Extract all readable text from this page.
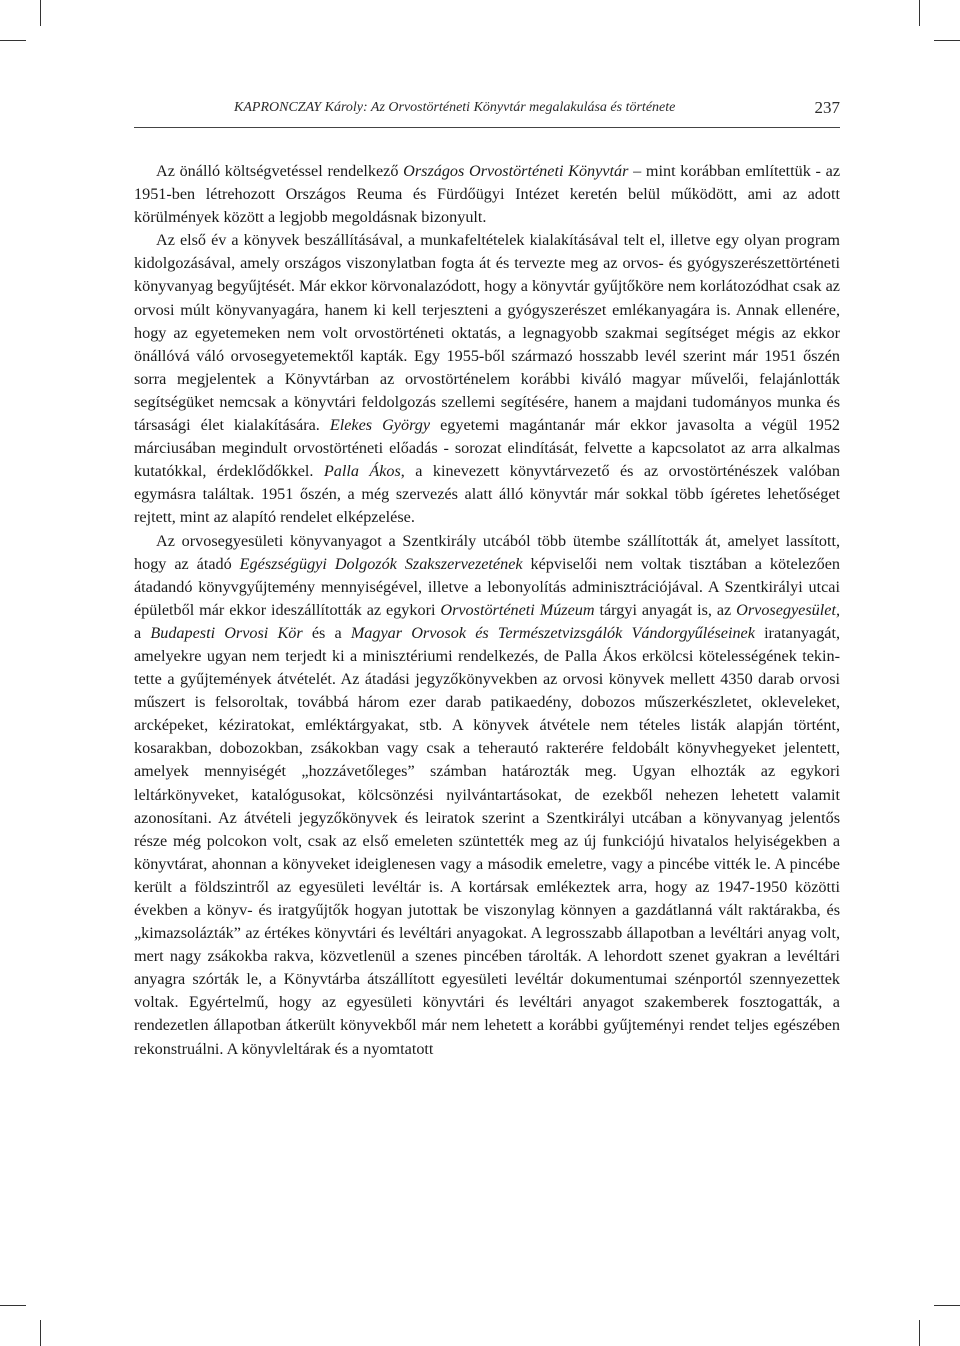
KAPRONCZAY Károly: Az Orvostörténeti Könyvtár megalakulása és története	237

Az önálló költségvetéssel rendelkező Országos Orvostörténeti Könyvtár – mint korábban említettük - az 1951-ben létrehozott Országos Reuma és Fürdőügyi Intézet keretén belül működött, ami az adott körülmények között a legjobb megoldásnak bizonyult.

Az első év a könyvek beszállításával, a munkafeltételek kialakításával telt el, illetve egy olyan program kidolgozásával, amely országos viszonylatban fogta át és tervezte meg az orvos- és gyógyszerészettörténeti könyvanyag begyűjtését. Már ekkor körvonalazódott, hogy a könyvtár gyűjtőköre nem korlátozódhat csak az orvosi múlt könyvanyagára, hanem ki kell terjeszteni a gyógyszerészet emlékanyagára is. Annak ellenére, hogy az egyetemeken nem volt orvostörténeti oktatás, a legnagyobb szakmai segítséget mégis az ekkor önállóvá váló orvosegyetemektől kapták. Egy 1955-ből származó hosszabb levél szerint már 1951 őszén sorra megjelentek a Könyvtárban az orvostörténelem korábbi kiváló magyar művelői, felajánlották segítségüket nemcsak a könyvtári feldolgozás szellemi segítésére, hanem a majdani tudományos munka és társasági élet kialakítására. Elekes György egyetemi magántanár már ekkor javasolta a végül 1952 márciusában megindult orvostörténeti előadás - sorozat elindítását, felvette a kapcsolatot az arra alkalmas kutatókkal, érdeklődőkkel. Palla Ákos, a kinevezett könyvtárvezető és az orvostörténészek valóban egymásra találtak. 1951 őszén, a még szervezés alatt álló könyvtár már sokkal több ígéretes lehetőséget rejtett, mint az alapító rendelet elképzelése.

Az orvosegyesületi könyvanyagot a Szentkirály utcából több ütembe szállították át, amelyet lassított, hogy az átadó Egészségügyi Dolgozók Szakszervezetének képviselői nem voltak tisztában a kötelezően átadandó könyvgyűjtemény mennyiségével, illetve a lebonyolítás adminisztrációjával. A Szentkirályi utcai épületből már ekkor ideszállították az egykori Orvostörténeti Múzeum tárgyi anyagát is, az Orvosegyesület, a Budapesti Orvosi Kör és a Magyar Orvosok és Természetvizsgálók Vándorgyűléseinek iratanyagát, amelyekre ugyan nem terjedt ki a minisztériumi rendelkezés, de Palla Ákos erkölcsi kötelességének tekintette a gyűjtemények átvételét. Az átadási jegyzőkönyvekben az orvosi könyvek mellett 4350 darab orvosi műszert is felsoroltak, továbbá három ezer darab patikaedény, dobozos műszerkészletet, okleveleket, arcképeket, kéziratokat, emléktárgyakat, stb. A könyvek átvétele nem tételes listák alapján történt, kosarakban, dobozokban, zsákokban vagy csak a teherautó rakterére feldobált könyvhegyeket jelentett, amelyek mennyiségét „hozzávetőleges” számban határozták meg. Ugyan elhozták az egykori leltárkönyveket, katalógusokat, kölcsönzési nyilvántartásokat, de ezekből nehezen lehetett valamit azonosítani. Az átvételi jegyzőkönyvek és leiratok szerint a Szentkirályi utcában a könyvanyag jelentős része még polcokon volt, csak az első emeleten szüntették meg az új funkciójú hivatalos helyiségekben a könyvtárat, ahonnan a könyveket ideiglenesen vagy a második emeletre, vagy a pincébe vitték le. A pincébe került a földszintről az egyesületi levéltár is. A kortársak emlékeztek arra, hogy az 1947-1950 közötti években a könyv- és iratgyűjtők hogyan jutottak be viszonylag könnyen a gazdátlanná vált raktárakba, és „kimazsolázták” az értékes könyvtári és levéltári anyagokat. A legrosszabb állapotban a levéltári anyag volt, mert nagy zsákokba rakva, közvetlenül a szenes pincében tárolták. A lehordott szenet gyakran a levéltári anyagra szórták le, a Könyvtárba átszállított egyesületi levéltár dokumentumai szénportól szennyezettek voltak. Egyértelmű, hogy az egyesületi könyvtári és levéltári anyagot szakemberek fosztogatták, a rendezetlen állapotban átkerült könyvekből már nem lehetett a korábbi gyűjteményi rendet teljes egészében rekonstruálni. A könyvleltárak és a nyomtatott
